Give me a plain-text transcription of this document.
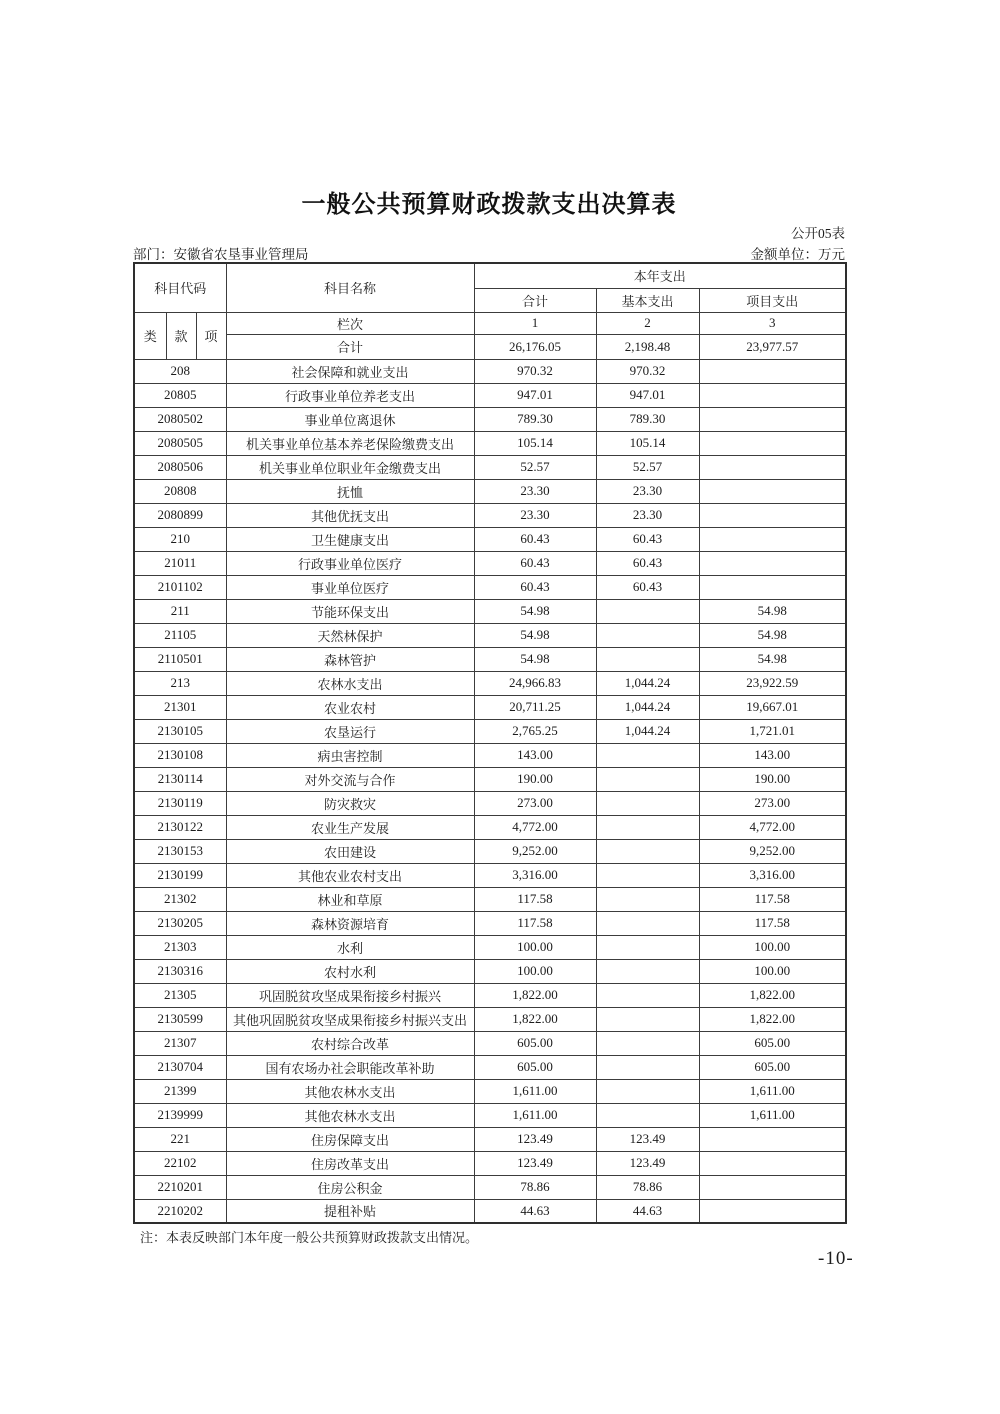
一般公共预算财政拨款支出决算表
公开05表
部门：安徽省农垦事业管理局	金额单位：万元
科目代码			科目名称	本年支出		
				合计	基本支出	项目支出
类	款	项	栏次	1	2	3
			合计	26,176.05	2,198.48	23,977.57
208			社会保障和就业支出	970.32	970.32	
20805			行政事业单位养老支出	947.01	947.01	
2080502			事业单位离退休	789.30	789.30	
2080505			机关事业单位基本养老保险缴费支出	105.14	105.14	
2080506			机关事业单位职业年金缴费支出	52.57	52.57	
20808			抚恤	23.30	23.30	
2080899			其他优抚支出	23.30	23.30	
210			卫生健康支出	60.43	60.43	
21011			行政事业单位医疗	60.43	60.43	
2101102			事业单位医疗	60.43	60.43	
211			节能环保支出	54.98		54.98
21105			天然林保护	54.98		54.98
2110501			森林管护	54.98		54.98
213			农林水支出	24,966.83	1,044.24	23,922.59
21301			农业农村	20,711.25	1,044.24	19,667.01
2130105			农垦运行	2,765.25	1,044.24	1,721.01
2130108			病虫害控制	143.00		143.00
2130114			对外交流与合作	190.00		190.00
2130119			防灾救灾	273.00		273.00
2130122			农业生产发展	4,772.00		4,772.00
2130153			农田建设	9,252.00		9,252.00
2130199			其他农业农村支出	3,316.00		3,316.00
21302			林业和草原	117.58		117.58
2130205			森林资源培育	117.58		117.58
21303			水利	100.00		100.00
2130316			农村水利	100.00		100.00
21305			巩固脱贫攻坚成果衔接乡村振兴	1,822.00		1,822.00
2130599			其他巩固脱贫攻坚成果衔接乡村振兴支出	1,822.00		1,822.00
21307			农村综合改革	605.00		605.00
2130704			国有农场办社会职能改革补助	605.00		605.00
21399			其他农林水支出	1,611.00		1,611.00
2139999			其他农林水支出	1,611.00		1,611.00
221			住房保障支出	123.49	123.49	
22102			住房改革支出	123.49	123.49	
2210201			住房公积金	78.86	78.86	
2210202			提租补贴	44.63	44.63	
注：本表反映部门本年度一般公共预算财政拨款支出情况。
-10-
